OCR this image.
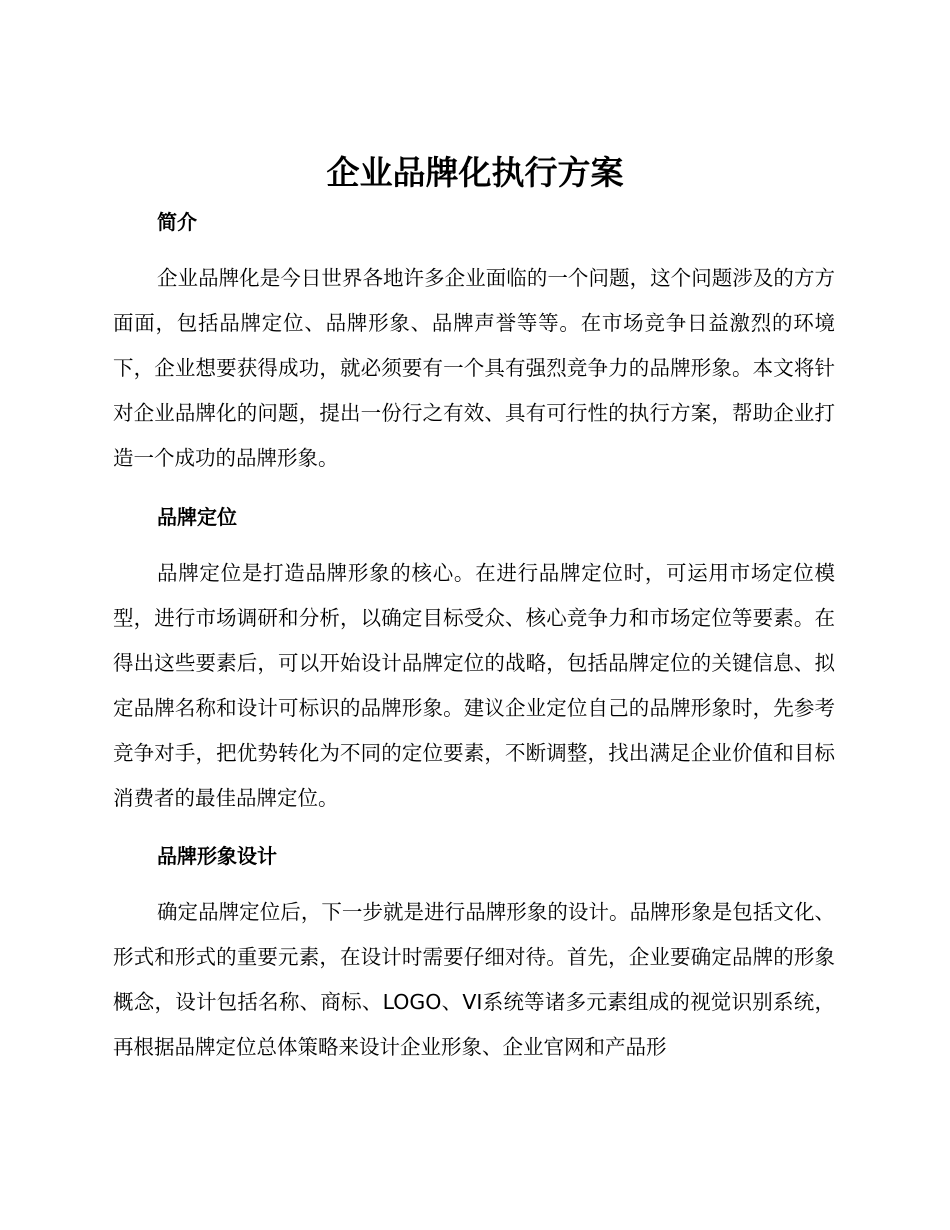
企业品牌化执行方案
简介

企业品牌化是今日世界各地许多企业面临的一个问题，这个问题涉及的方方面面，包括品牌定位、品牌形象、品牌声誉等等。在市场竞争日益激烈的环境下，企业想要获得成功，就必须要有一个具有强烈竞争力的品牌形象。本文将针对企业品牌化的问题，提出一份行之有效、具有可行性的执行方案，帮助企业打造一个成功的品牌形象。

品牌定位

品牌定位是打造品牌形象的核心。在进行品牌定位时，可运用市场定位模型，进行市场调研和分析，以确定目标受众、核心竞争力和市场定位等要素。在得出这些要素后，可以开始设计品牌定位的战略，包括品牌定位的关键信息、拟定品牌名称和设计可标识的品牌形象。建议企业定位自己的品牌形象时，先参考竞争对手，把优势转化为不同的定位要素，不断调整，找出满足企业价值和目标消费者的最佳品牌定位。

品牌形象设计

确定品牌定位后，下一步就是进行品牌形象的设计。品牌形象是包括文化、形式和形式的重要元素，在设计时需要仔细对待。首先，企业要确定品牌的形象概念，设计包括名称、商标、LOGO、VI系统等诸多元素组成的视觉识别系统，再根据品牌定位总体策略来设计企业形象、企业官网和产品形
